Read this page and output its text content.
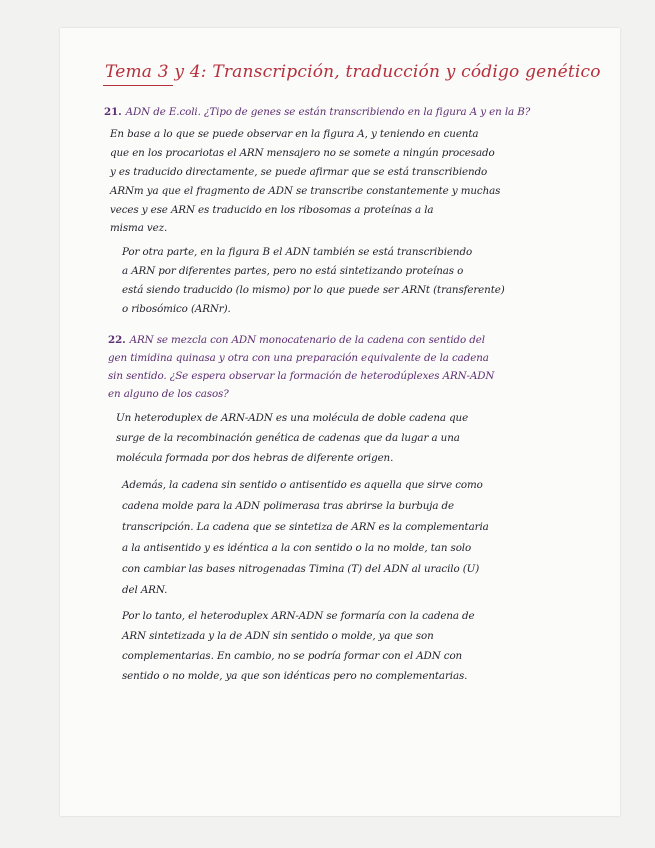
Tema 3 y 4: Transcripción, traducción y código genético
21. ADN de E.coli. ¿Tipo de genes se están transcribiendo en la figura A y en la B?
En base a lo que se puede observar en la figura A, y teniendo en cuenta
que en los procariotas el ARN mensajero no se somete a ningún procesado
y es traducido directamente, se puede afirmar que se está transcribiendo
ARNm ya que el fragmento de ADN se transcribe constantemente y muchas
veces y ese ARN es traducido en los ribosomas a proteínas a la
misma vez.
Por otra parte, en la figura B el ADN también se está transcribiendo
a ARN por diferentes partes, pero no está sintetizando proteínas o
está siendo traducido (lo mismo) por lo que puede ser ARNt (transferente)
o ribosómico (ARNr).
22. ARN se mezcla con ADN monocatenario de la cadena con sentido del
gen timidina quinasa y otra con una preparación equivalente de la cadena
sin sentido. ¿Se espera observar la formación de heterodúplexes ARN-ADN
en alguno de los casos?
Un heteroduplex de ARN-ADN es una molécula de doble cadena que
surge de la recombinación genética de cadenas que da lugar a una
molécula formada por dos hebras de diferente origen.
Además, la cadena sin sentido o antisentido es aquella que sirve como
cadena molde para la ADN polimerasa tras abrirse la burbuja de
transcripción. La cadena que se sintetiza de ARN es la complementaria
a la antisentido y es idéntica a la con sentido o la no molde, tan solo
con cambiar las bases nitrogenadas Timina (T) del ADN al uracilo (U)
del ARN.
Por lo tanto, el heteroduplex ARN-ADN se formaría con la cadena de
ARN sintetizada y la de ADN sin sentido o molde, ya que son
complementarias. En cambio, no se podría formar con el ADN con
sentido o no molde, ya que son idénticas pero no complementarias.
